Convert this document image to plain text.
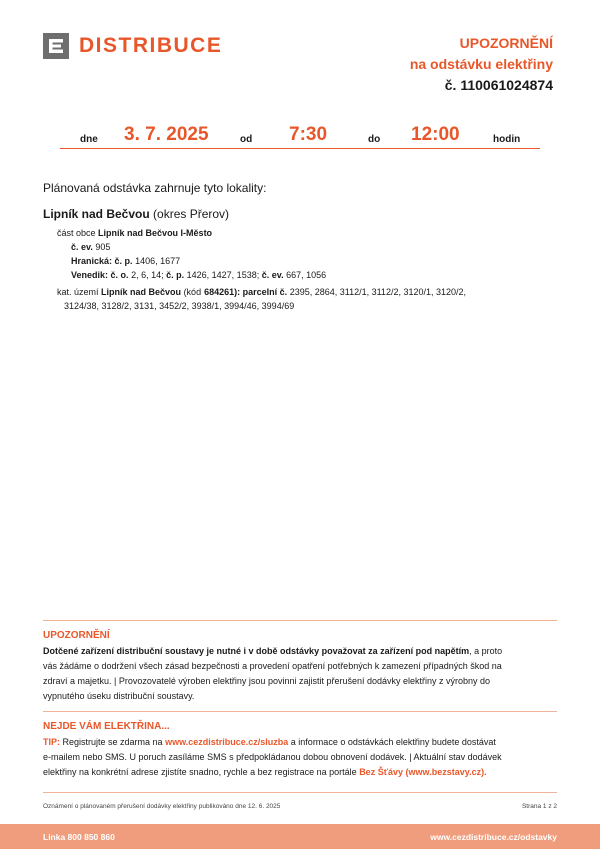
DISTRIBUCE	UPOZORNĚNÍ
na odstávku elektřiny
č. 110061024874
dne 3. 7. 2025	od 7:30	do 12:00	hodin
Plánovaná odstávka zahrnuje tyto lokality:
Lipník nad Bečvou (okres Přerov)
část obce Lipník nad Bečvou I-Město
č. ev. 905
Hranická: č. p. 1406, 1677
Venedik: č. o. 2, 6, 14; č. p. 1426, 1427, 1538; č. ev. 667, 1056
kat. území Lipník nad Bečvou (kód 684261): parcelní č. 2395, 2864, 3112/1, 3112/2, 3120/1, 3120/2,
3124/38, 3128/2, 3131, 3452/2, 3938/1, 3994/46, 3994/69
UPOZORNĚNÍ
Dotčené zařízení distribuční soustavy je nutné i v době odstávky považovat za zařízení pod napětím, a proto
vás žádáme o dodržení všech zásad bezpečnosti a provedení opatření potřebných k zamezení případných škod na
zdraví a majetku. | Provozovatelé výroben elektřiny jsou povinni zajistit přerušení dodávky elektřiny z výrobny do
vypnutého úseku distribuční soustavy.
NEJDE VÁM ELEKTŘINA...
TIP: Registrujte se zdarma na www.cezdistribuce.cz/sluzba a informace o odstávkách elektřiny budete dostávat
e-mailem nebo SMS. U poruch zasíláme SMS s předpokládanou dobou obnovení dodávek. | Aktuální stav dodávek
elektřiny na konkrétní adrese zjistíte snadno, rychle a bez registrace na portále Bez Šťávy (www.bezstavy.cz).
Oznámení o plánovaném přerušení dodávky elektřiny publikováno dne 12. 6. 2025	Strana 1 z 2
Linka 800 850 860	www.cezdistribuce.cz/odstavky
